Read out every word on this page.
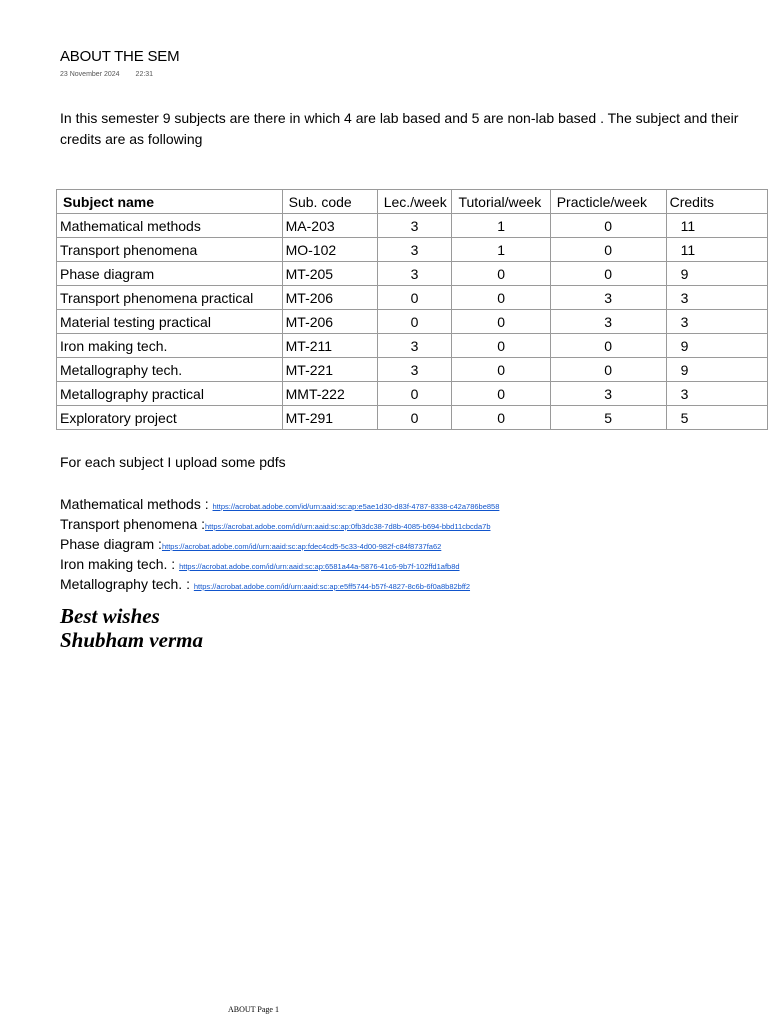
ABOUT THE SEM
23 November 2024 22:31
In this semester 9 subjects are there in which 4 are lab based and 5 are non-lab based . The subject and their credits are as following
Subject name	Sub. code	Lec./week	Tutorial/week	Practicle/week	Credits
Mathematical methods	MA-203	3	1	0	11
Transport phenomena	MO-102	3	1	0	11
Phase diagram	MT-205	3	0	0	9
Transport phenomena practical	MT-206	0	0	3	3
Material testing practical	MT-206	0	0	3	3
Iron making tech.	MT-211	3	0	0	9
Metallography tech.	MT-221	3	0	0	9
Metallography practical	MMT-222	0	0	3	3
Exploratory project	MT-291	0	0	5	5
For each subject I upload some pdfs
Mathematical methods : https://acrobat.adobe.com/id/urn:aaid:sc:ap:e5ae1d30-d83f-4787-8338-c42a786be858
Transport phenomena :https://acrobat.adobe.com/id/urn:aaid:sc:ap:0fb3dc38-7d8b-4085-b694-bbd11cbcda7b
Phase diagram :https://acrobat.adobe.com/id/urn:aaid:sc:ap:fdec4cd5-5c33-4d00-982f-c84f8737fa62
Iron making tech. : https://acrobat.adobe.com/id/urn:aaid:sc:ap:6581a44a-5876-41c6-9b7f-102ffd1afb8d
Metallography tech. : https://acrobat.adobe.com/id/urn:aaid:sc:ap:e5ff5744-b57f-4827-8c6b-6f0a8b82bff2
Best wishes
Shubham verma
ABOUT Page 1
